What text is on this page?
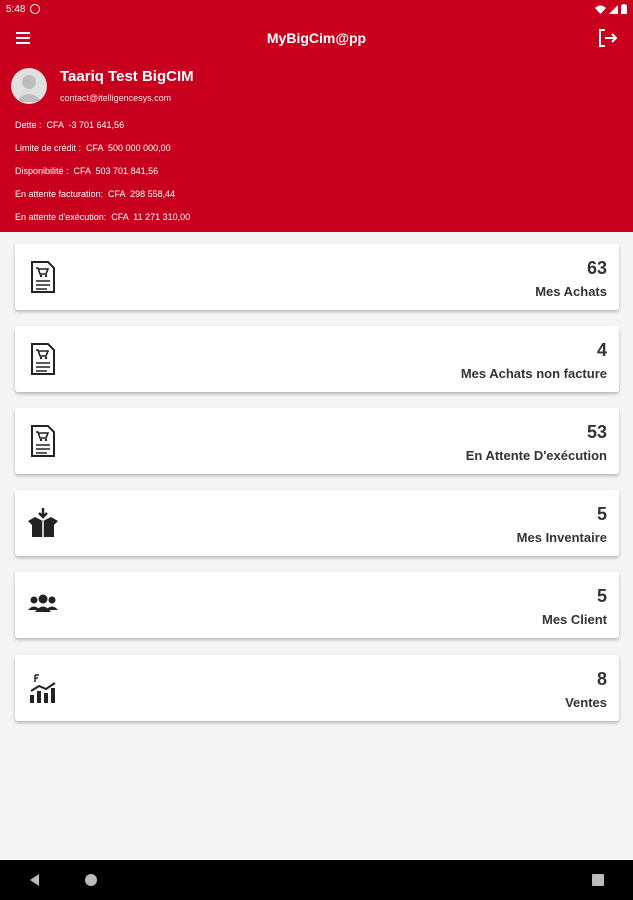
5:48
MyBigCim@pp
Taariq Test BigCIM
contact@itelligencesys.com
Dette :  CFA  -3 701 641,56
Limite de crédit :  CFA  500 000 000,00
Disponibilité :  CFA  503 701 841,56
En attente facturation:  CFA  298 558,44
En attente d'exécution:  CFA  11 271 310,00
63
Mes Achats
4
Mes Achats non facture
53
En Attente D'exécution
5
Mes Inventaire
5
Mes Client
8
Ventes
